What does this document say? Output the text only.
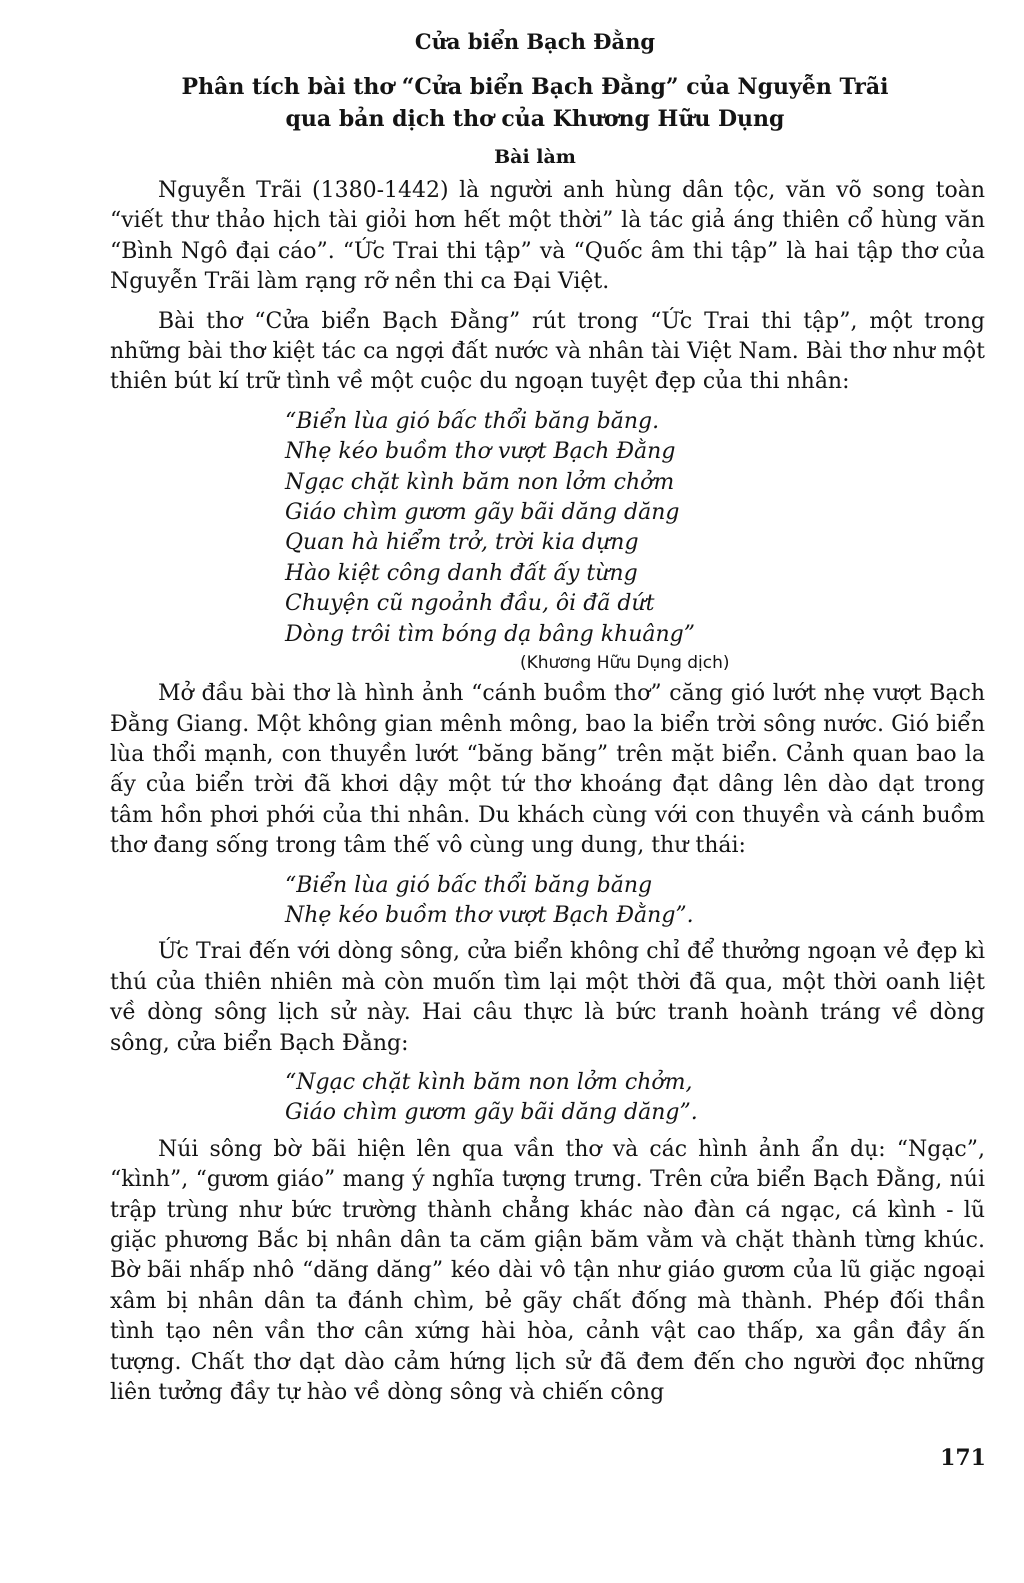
Cửa biển Bạch Đằng
Phân tích bài thơ “Cửa biển Bạch Đằng” của Nguyễn Trãi
qua bản dịch thơ của Khương Hữu Dụng
Bài làm

Nguyễn Trãi (1380-1442) là người anh hùng dân tộc, văn võ song toàn “viết thư thảo hịch tài giỏi hơn hết một thời” là tác giả áng thiên cổ hùng văn “Bình Ngô đại cáo”. “Ức Trai thi tập” và “Quốc âm thi tập” là hai tập thơ của Nguyễn Trãi làm rạng rỡ nền thi ca Đại Việt.

Bài thơ “Cửa biển Bạch Đằng” rút trong “Ức Trai thi tập”, một trong những bài thơ kiệt tác ca ngợi đất nước và nhân tài Việt Nam. Bài thơ như một thiên bút kí trữ tình về một cuộc du ngoạn tuyệt đẹp của thi nhân:

“Biển lùa gió bấc thổi băng băng.
Nhẹ kéo buồm thơ vượt Bạch Đằng
Ngạc chặt kình băm non lởm chởm
Giáo chìm gươm gãy bãi dăng dăng
Quan hà hiểm trở, trời kia dựng
Hào kiệt công danh đất ấy từng
Chuyện cũ ngoảnh đầu, ôi đã dứt
Dòng trôi tìm bóng dạ bâng khuâng”
(Khương Hữu Dụng dịch)

Mở đầu bài thơ là hình ảnh “cánh buồm thơ” căng gió lướt nhẹ vượt Bạch Đằng Giang. Một không gian mênh mông, bao la biển trời sông nước. Gió biển lùa thổi mạnh, con thuyền lướt “băng băng” trên mặt biển. Cảnh quan bao la ấy của biển trời đã khơi dậy một tứ thơ khoáng đạt dâng lên dào dạt trong tâm hồn phơi phới của thi nhân. Du khách cùng với con thuyền và cánh buồm thơ đang sống trong tâm thế vô cùng ung dung, thư thái:

“Biển lùa gió bấc thổi băng băng
Nhẹ kéo buồm thơ vượt Bạch Đằng”.

Ức Trai đến với dòng sông, cửa biển không chỉ để thưởng ngoạn vẻ đẹp kì thú của thiên nhiên mà còn muốn tìm lại một thời đã qua, một thời oanh liệt về dòng sông lịch sử này. Hai câu thực là bức tranh hoành tráng về dòng sông, cửa biển Bạch Đằng:

“Ngạc chặt kình băm non lởm chởm,
Giáo chìm gươm gãy bãi dăng dăng”.

Núi sông bờ bãi hiện lên qua vần thơ và các hình ảnh ẩn dụ: “Ngạc”, “kình”, “gươm giáo” mang ý nghĩa tượng trưng. Trên cửa biển Bạch Đằng, núi trập trùng như bức trường thành chẳng khác nào đàn cá ngạc, cá kình - lũ giặc phương Bắc bị nhân dân ta căm giận băm vằm và chặt thành từng khúc. Bờ bãi nhấp nhô “dăng dăng” kéo dài vô tận như giáo gươm của lũ giặc ngoại xâm bị nhân dân ta đánh chìm, bẻ gãy chất đống mà thành. Phép đối thần tình tạo nên vần thơ cân xứng hài hòa, cảnh vật cao thấp, xa gần đầy ấn tượng. Chất thơ dạt dào cảm hứng lịch sử đã đem đến cho người đọc những liên tưởng đầy tự hào về dòng sông và chiến công

171
